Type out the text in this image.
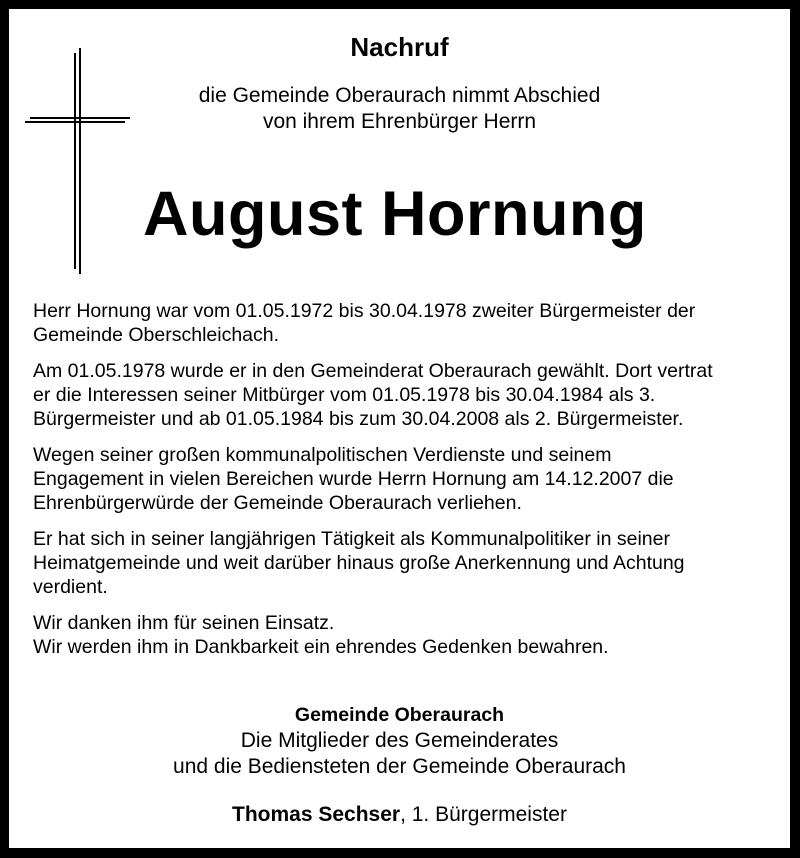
Nachruf
die Gemeinde Oberaurach nimmt Abschied
von ihrem Ehrenbürger Herrn
August Hornung

Herr Hornung war vom 01.05.1972 bis 30.04.1978 zweiter Bürgermeister der
Gemeinde Oberschleichach.

Am 01.05.1978 wurde er in den Gemeinderat Oberaurach gewählt. Dort vertrat
er die Interessen seiner Mitbürger vom 01.05.1978 bis 30.04.1984 als 3.
Bürgermeister und ab 01.05.1984 bis zum 30.04.2008 als 2. Bürgermeister.

Wegen seiner großen kommunalpolitischen Verdienste und seinem
Engagement in vielen Bereichen wurde Herrn Hornung am 14.12.2007 die
Ehrenbürgerwürde der Gemeinde Oberaurach verliehen.

Er hat sich in seiner langjährigen Tätigkeit als Kommunalpolitiker in seiner
Heimatgemeinde und weit darüber hinaus große Anerkennung und Achtung
verdient.

Wir danken ihm für seinen Einsatz.
Wir werden ihm in Dankbarkeit ein ehrendes Gedenken bewahren.

Gemeinde Oberaurach
Die Mitglieder des Gemeinderates
und die Bediensteten der Gemeinde Oberaurach
Thomas Sechser, 1. Bürgermeister
